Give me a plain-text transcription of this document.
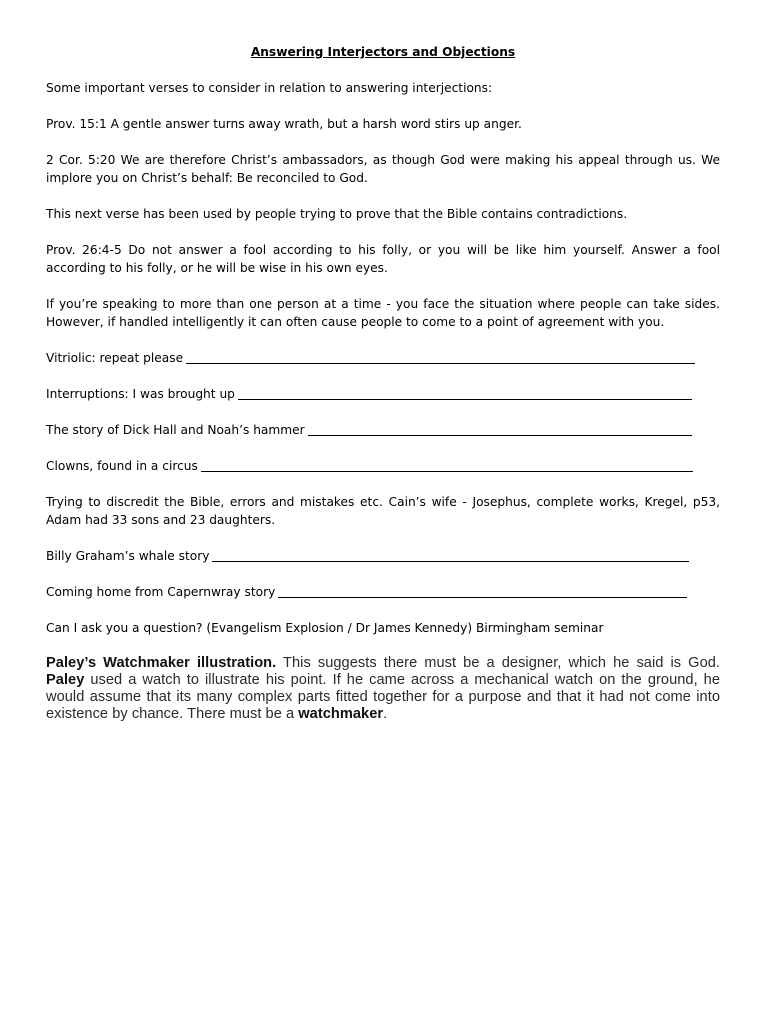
Answering Interjectors and Objections
Some important verses to consider in relation to answering interjections:
Prov. 15:1 A gentle answer turns away wrath, but a harsh word stirs up anger.
2 Cor. 5:20 We are therefore Christ’s ambassadors, as though God were making his appeal through us. We implore you on Christ’s behalf: Be reconciled to God.
This next verse has been used by people trying to prove that the Bible contains contradictions.
Prov. 26:4-5 Do not answer a fool according to his folly, or you will be like him yourself. Answer a fool according to his folly, or he will be wise in his own eyes.
If you’re speaking to more than one person at a time - you face the situation where people can take sides. However, if handled intelligently it can often cause people to come to a point of agreement with you.
Vitriolic: repeat please
Interruptions: I was brought up
The story of Dick Hall and Noah’s hammer
Clowns, found in a circus
Trying to discredit the Bible, errors and mistakes etc. Cain’s wife - Josephus, complete works, Kregel, p53, Adam had 33 sons and 23 daughters.
Billy Graham’s whale story
Coming home from Capernwray story
Can I ask you a question? (Evangelism Explosion / Dr James Kennedy) Birmingham seminar
Paley’s Watchmaker illustration. This suggests there must be a designer, which he said is God. Paley used a watch to illustrate his point. If he came across a mechanical watch on the ground, he would assume that its many complex parts fitted together for a purpose and that it had not come into existence by chance. There must be a watchmaker.
